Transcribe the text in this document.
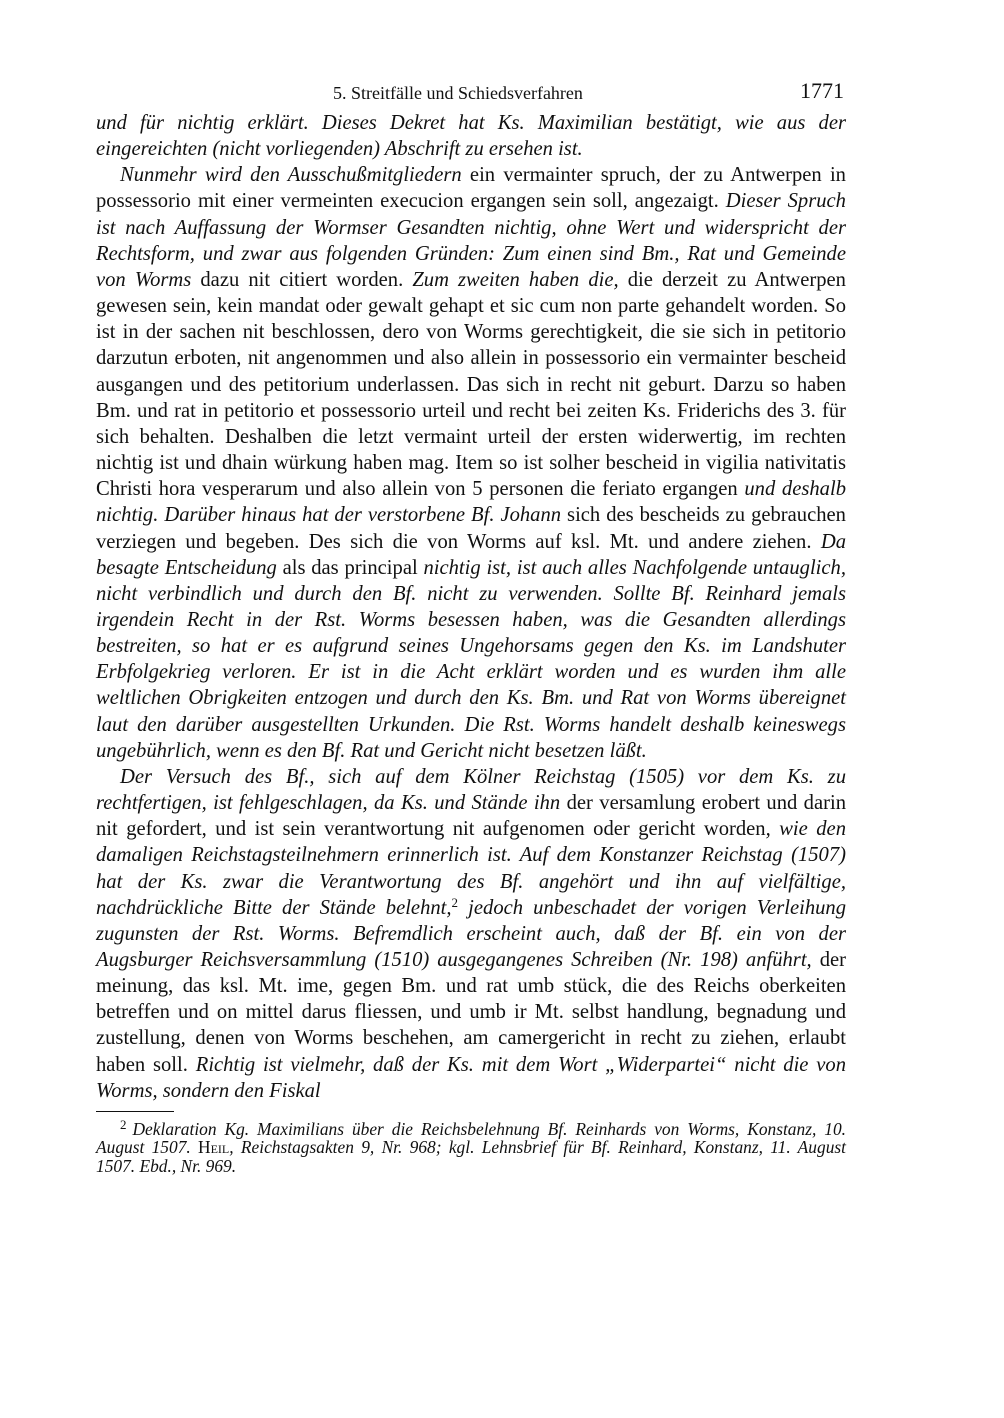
5. Streitfälle und Schiedsverfahren	1771

und für nichtig erklärt. Dieses Dekret hat Ks. Maximilian bestätigt, wie aus der eingereichten (nicht vorliegenden) Abschrift zu ersehen ist.

Nunmehr wird den Ausschußmitgliedern ein vermainter spruch, der zu Antwerpen in possessorio mit einer vermeinten execucion ergangen sein soll, angezaigt. Dieser Spruch ist nach Auffassung der Wormser Gesandten nichtig, ohne Wert und widerspricht der Rechtsform, und zwar aus folgenden Gründen: Zum einen sind Bm., Rat und Gemeinde von Worms dazu nit citiert worden. Zum zweiten haben die, die derzeit zu Antwerpen gewesen sein, kein mandat oder gewalt gehapt et sic cum non parte gehandelt worden. So ist in der sachen nit beschlossen, dero von Worms gerechtigkeit, die sie sich in petitorio darzutun erboten, nit angenommen und also allein in possessorio ein vermainter bescheid ausgangen und des petitorium underlassen. Das sich in recht nit geburt. Darzu so haben Bm. und rat in petitorio et possessorio urteil und recht bei zeiten Ks. Friderichs des 3. für sich behalten. Deshalben die letzt vermaint urteil der ersten widerwertig, im rechten nichtig ist und dhain würkung haben mag. Item so ist solher bescheid in vigilia nativitatis Christi hora vesperarum und also allein von 5 personen die feriato ergangen und deshalb nichtig. Darüber hinaus hat der verstorbene Bf. Johann sich des bescheids zu gebrauchen verziegen und begeben. Des sich die von Worms auf ksl. Mt. und andere ziehen. Da besagte Entscheidung als das principal nichtig ist, ist auch alles Nachfolgende untauglich, nicht verbindlich und durch den Bf. nicht zu verwenden. Sollte Bf. Reinhard jemals irgendein Recht in der Rst. Worms besessen haben, was die Gesandten allerdings bestreiten, so hat er es aufgrund seines Ungehorsams gegen den Ks. im Landshuter Erbfolgekrieg verloren. Er ist in die Acht erklärt worden und es wurden ihm alle weltlichen Obrigkeiten entzogen und durch den Ks. Bm. und Rat von Worms übereignet laut den darüber ausgestellten Urkunden. Die Rst. Worms handelt deshalb keineswegs ungebührlich, wenn es den Bf. Rat und Gericht nicht besetzen läßt.

Der Versuch des Bf., sich auf dem Kölner Reichstag (1505) vor dem Ks. zu rechtfertigen, ist fehlgeschlagen, da Ks. und Stände ihn der versamlung erobert und darin nit gefordert, und ist sein verantwortung nit aufgenomen oder gericht worden, wie den damaligen Reichstagsteilnehmern erinnerlich ist. Auf dem Konstanzer Reichstag (1507) hat der Ks. zwar die Verantwortung des Bf. angehört und ihn auf vielfältige, nachdrückliche Bitte der Stände belehnt,$^2$ jedoch unbeschadet der vorigen Verleihung zugunsten der Rst. Worms. Befremdlich erscheint auch, daß der Bf. ein von der Augsburger Reichsversammlung (1510) ausgegangenes Schreiben (Nr. 198) anführt, der meinung, das ksl. Mt. ime, gegen Bm. und rat umb stück, die des Reichs oberkeiten betreffen und on mittel darus fliessen, und umb ir Mt. selbst handlung, begnadung und zustellung, denen von Worms beschehen, am camergericht in recht zu ziehen, erlaubt haben soll. Richtig ist vielmehr, daß der Ks. mit dem Wort „Widerpartei“ nicht die von Worms, sondern den Fiskal

$^2$ Deklaration Kg. Maximilians über die Reichsbelehnung Bf. Reinhards von Worms, Konstanz, 10. August 1507. Heil, Reichstagsakten 9, Nr. 968; kgl. Lehnsbrief für Bf. Reinhard, Konstanz, 11. August 1507. Ebd., Nr. 969.
